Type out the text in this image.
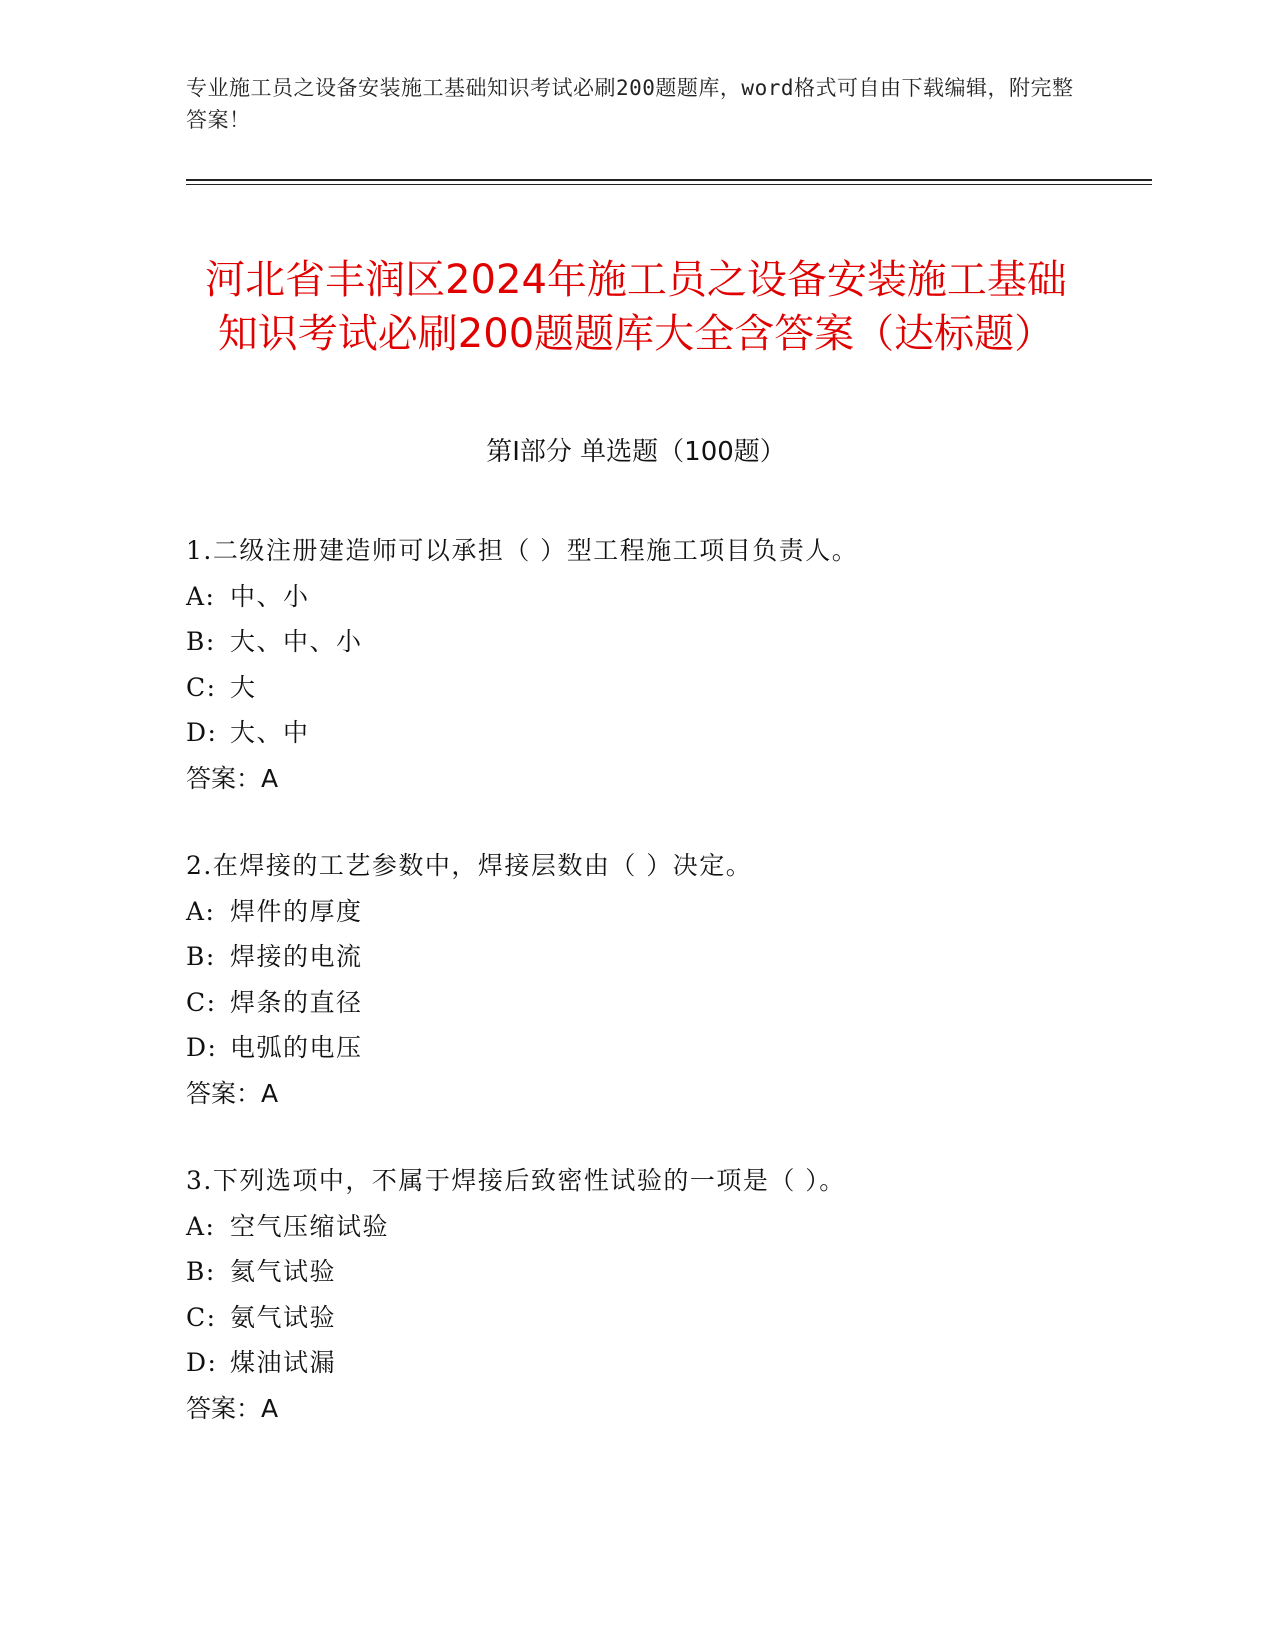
专业施工员之设备安装施工基础知识考试必刷200题题库，word格式可自由下载编辑，附完整答案！
河北省丰润区2024年施工员之设备安装施工基础知识考试必刷200题题库大全含答案（达标题）
第Ⅰ部分 单选题（100题）
1.二级注册建造师可以承担（ ）型工程施工项目负责人。
A: 中、小
B: 大、中、小
C: 大
D: 大、中
答案：A
2.在焊接的工艺参数中，焊接层数由（ ）决定。
A: 焊件的厚度
B: 焊接的电流
C: 焊条的直径
D: 电弧的电压
答案：A
3.下列选项中，不属于焊接后致密性试验的一项是（ ）。
A: 空气压缩试验
B: 氦气试验
C: 氨气试验
D: 煤油试漏
答案：A
